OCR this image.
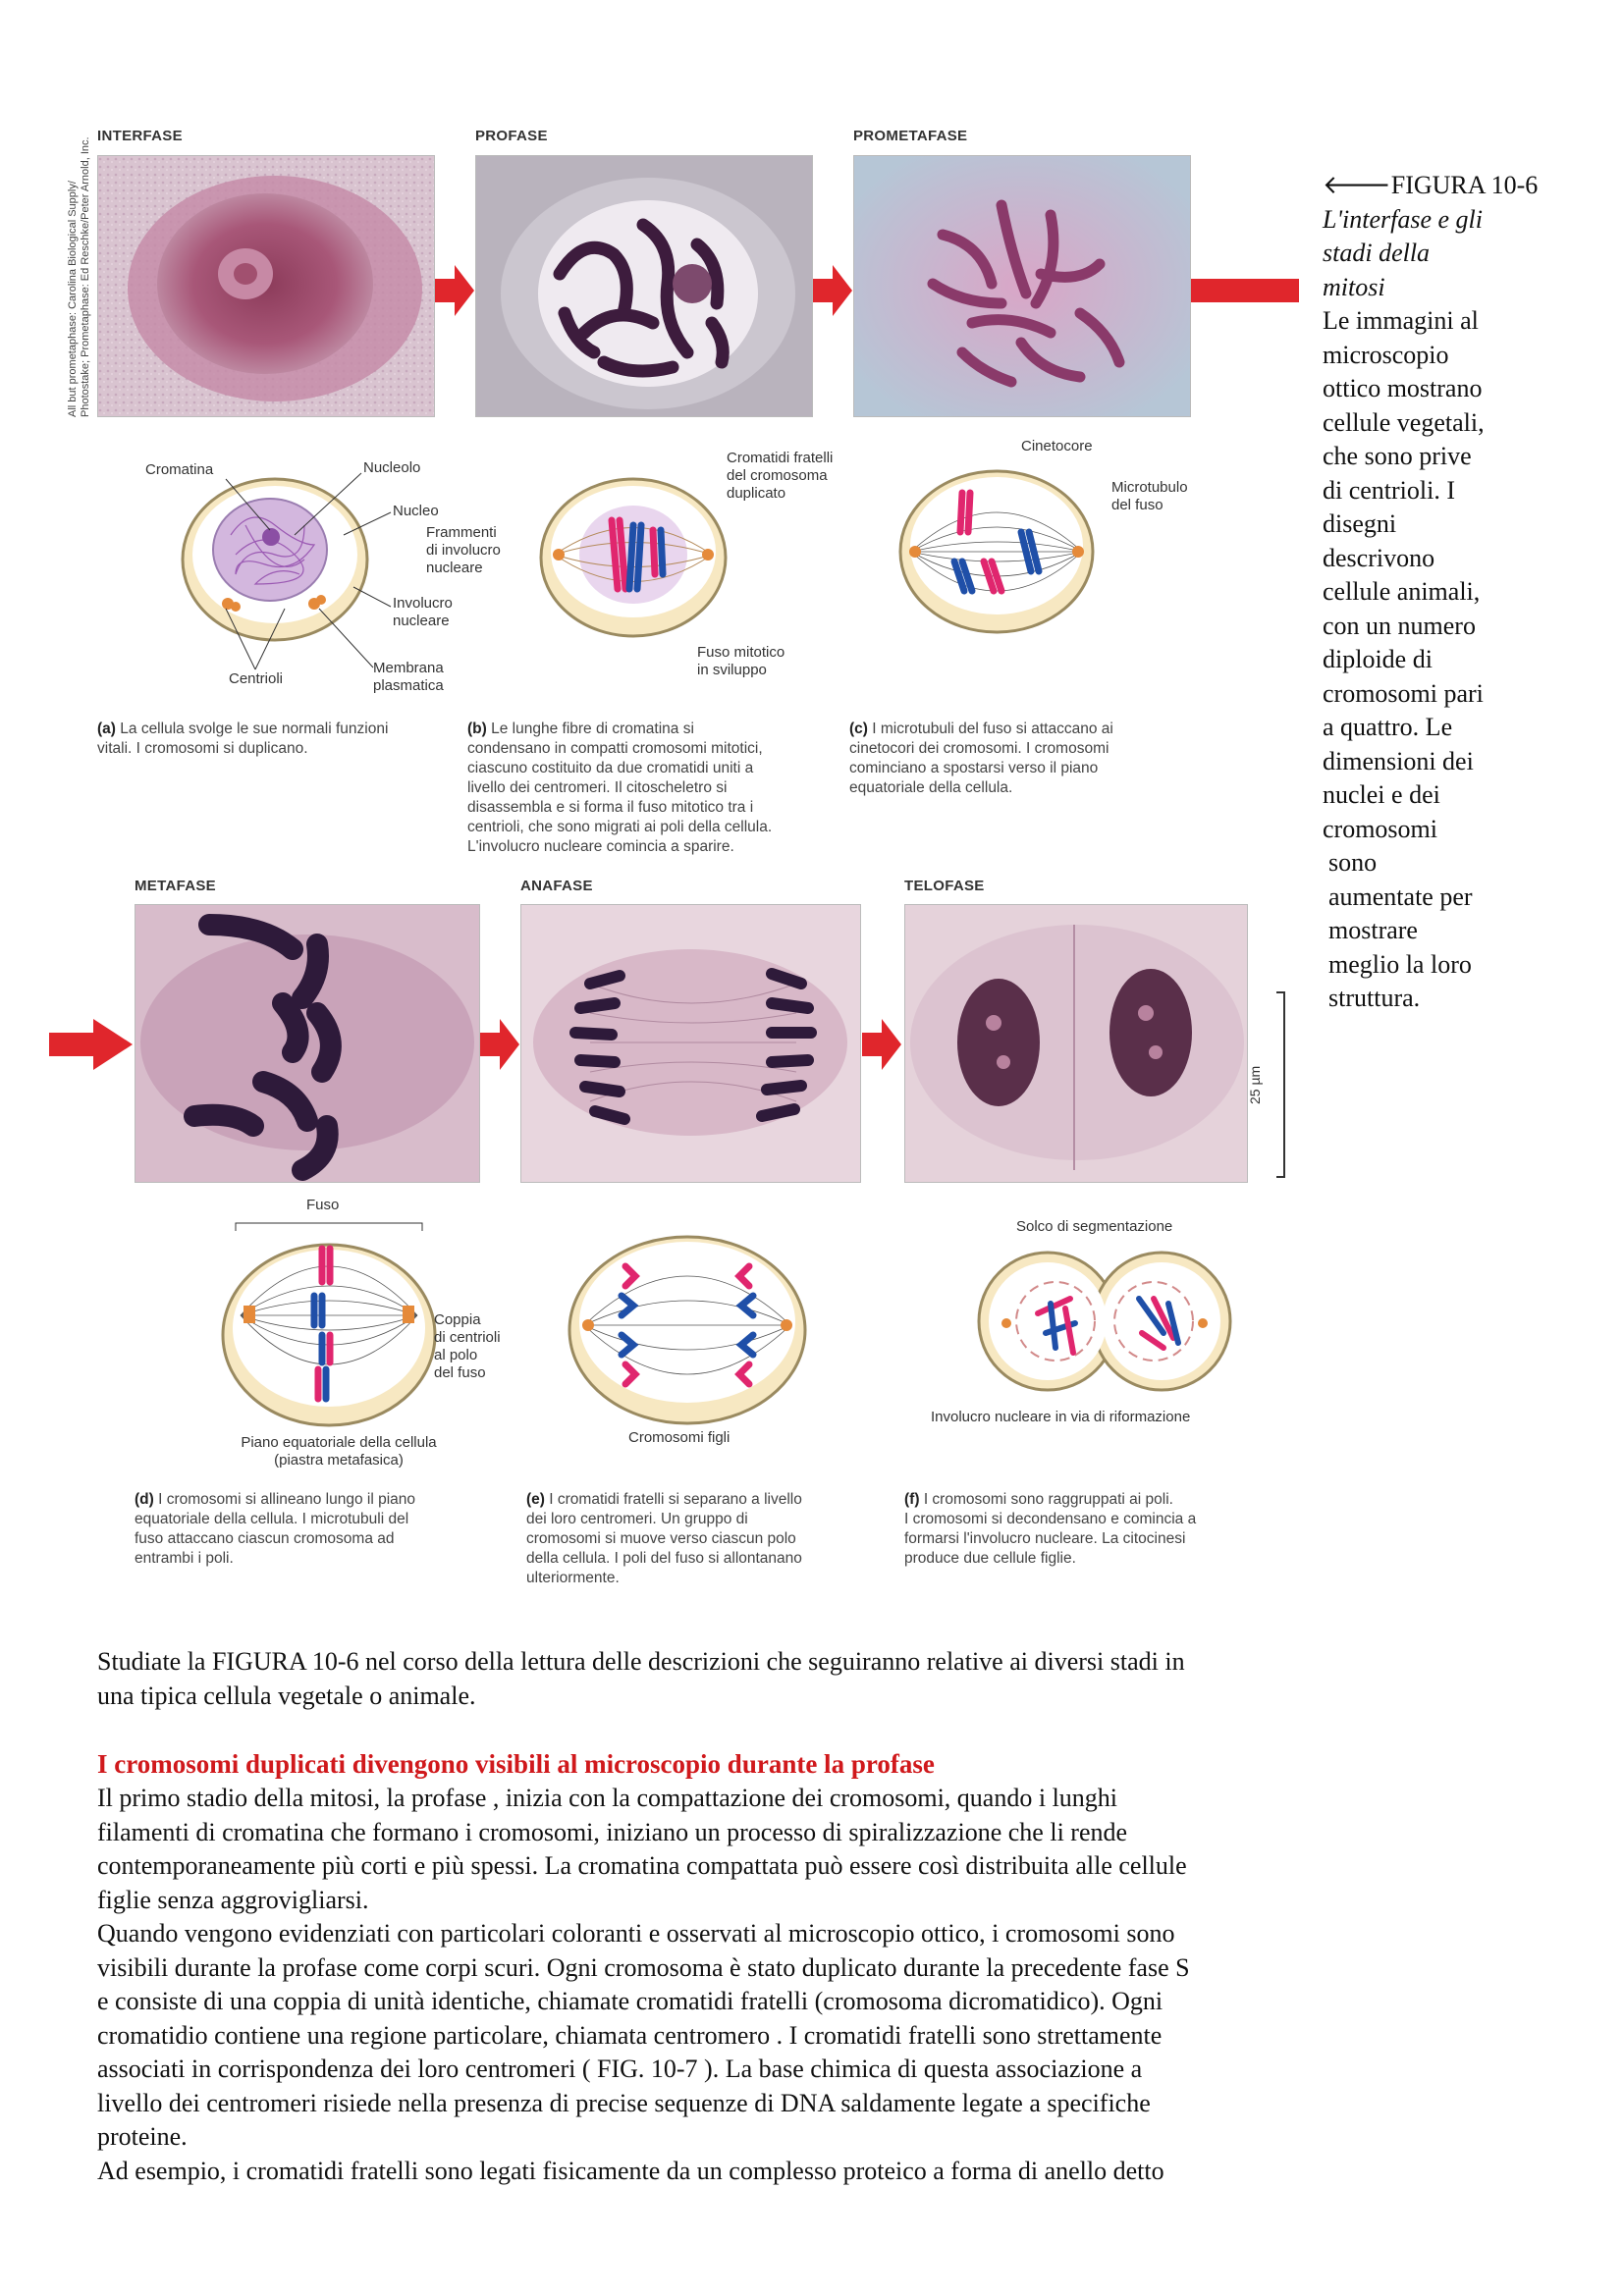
All but prometaphase: Carolina Biological Supply/ Photostake; Prometaphase: Ed Reschke/Peter Arnold, Inc.
INTERFASE	PROFASE	PROMETAFASE
Cromatina	Nucleolo
Nucleo
Involucro
nucleare
Membrana
plasmatica
Centrioli
Cromatidi fratelli
del cromosoma
duplicato
Frammenti
di involucro
nucleare
Fuso mitotico
in sviluppo
Cinetocore
Microtubulo
del fuso
(a) La cellula svolge le sue normali funzioni
vitali. I cromosomi si duplicano.
(b) Le lunghe fibre di cromatina si
condensano in compatti cromosomi mitotici,
ciascuno costituito da due cromatidi uniti a
livello dei centromeri. Il citoscheletro si
disassembla e si forma il fuso mitotico tra i
centrioli, che sono migrati ai poli della cellula.
L'involucro nucleare comincia a sparire.
(c) I microtubuli del fuso si attaccano ai
cinetocori dei cromosomi. I cromosomi
cominciano a spostarsi verso il piano
equatoriale della cellula.
METAFASE	ANAFASE	TELOFASE
25 µm
Fuso
Coppia
di centrioli
al polo
del fuso
Piano equatoriale della cellula
(piastra metafasica)
Cromosomi figli
Solco di segmentazione
Involucro nucleare in via di riformazione
(d) I cromosomi si allineano lungo il piano
equatoriale della cellula. I microtubuli del
fuso attaccano ciascun cromosoma ad
entrambi i poli.
(e) I cromatidi fratelli si separano a livello
dei loro centromeri. Un gruppo di
cromosomi si muove verso ciascun polo
della cellula. I poli del fuso si allontanano
ulteriormente.
(f) I cromosomi sono raggruppati ai poli.
I cromosomi si decondensano e comincia a
formarsi l'involucro nucleare. La citocinesi
produce due cellule figlie.
🡐FIGURA 10-6
L'interfase e gli
stadi della
mitosi
Le immagini al
microscopio
ottico mostrano
cellule vegetali,
che sono prive
di centrioli. I
disegni
descrivono
cellule animali,
con un numero
diploide di
cromosomi pari
a quattro. Le
dimensioni dei
nuclei e dei
cromosomi
sono
aumentate per
mostrare
meglio la loro
struttura.
Studiate la FIGURA 10-6 nel corso della lettura delle descrizioni che seguiranno relative ai diversi stadi in
una tipica cellula vegetale o animale.
I cromosomi duplicati divengono visibili al microscopio durante la profase
Il primo stadio della mitosi, la profase , inizia con la compattazione dei cromosomi, quando i lunghi
filamenti di cromatina che formano i cromosomi, iniziano un processo di spiralizzazione che li rende
contemporaneamente più corti e più spessi. La cromatina compattata può essere così distribuita alle cellule
figlie senza aggrovigliarsi.
Quando vengono evidenziati con particolari coloranti e osservati al microscopio ottico, i cromosomi sono
visibili durante la profase come corpi scuri. Ogni cromosoma è stato duplicato durante la precedente fase S
e consiste di una coppia di unità identiche, chiamate cromatidi fratelli (cromosoma dicromatidico). Ogni
cromatidio contiene una regione particolare, chiamata centromero . I cromatidi fratelli sono strettamente
associati in corrispondenza dei loro centromeri ( FIG. 10-7 ). La base chimica di questa associazione a
livello dei centromeri risiede nella presenza di precise sequenze di DNA saldamente legate a specifiche
proteine.
Ad esempio, i cromatidi fratelli sono legati fisicamente da un complesso proteico a forma di anello detto
